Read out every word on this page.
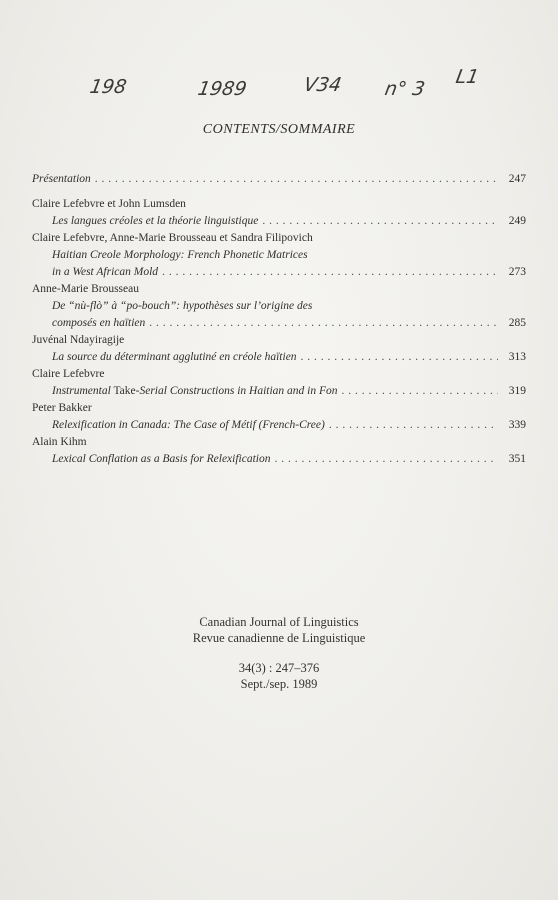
198	1989	V34 n° 3
L1
CONTENTS/SOMMAIRE
Présentation . . .	247
Claire Lefebvre et John Lumsden
Les langues créoles et la théorie linguistique . . .	249
Claire Lefebvre, Anne-Marie Brousseau et Sandra Filipovich
Haitian Creole Morphology: French Phonetic Matrices
in a West African Mold . . .	273
Anne-Marie Brousseau
De “nù-flò” à “po-bouch”: hypothèses sur l’origine des
composés en haïtien . . .	285
Juvénal Ndayiragije
La source du déterminant agglutiné en créole haïtien . . .	313
Claire Lefebvre
Instrumental Take-Serial Constructions in Haitian and in Fon . . .	319
Peter Bakker
Relexification in Canada: The Case of Métif (French-Cree) . . .	339
Alain Kihm
Lexical Conflation as a Basis for Relexification . . .	351
Canadian Journal of Linguistics
Revue canadienne de Linguistique
34(3) : 247–376
Sept./sep. 1989
